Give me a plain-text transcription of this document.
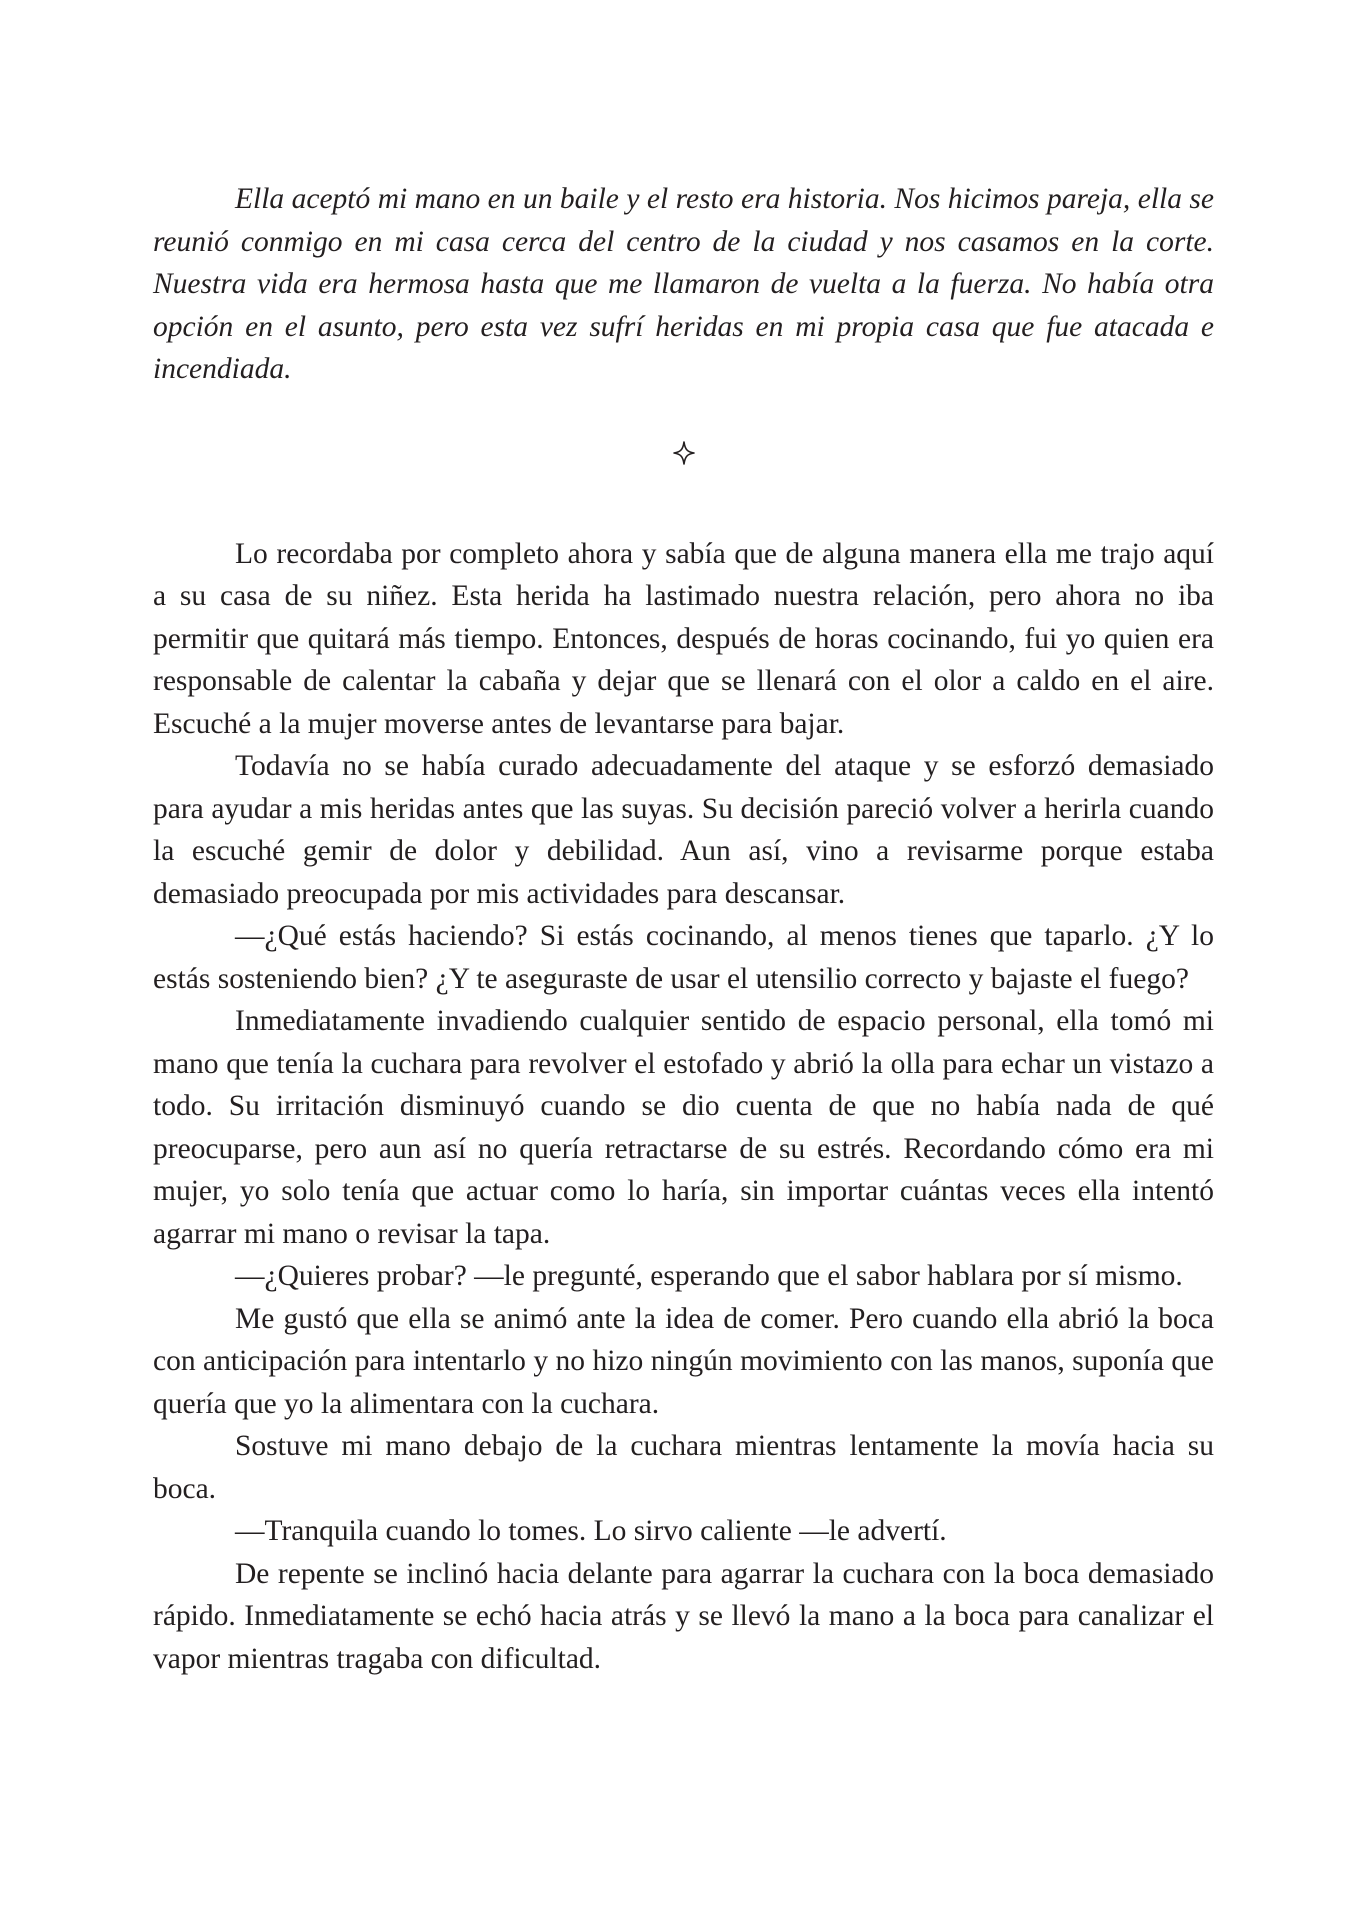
Ella aceptó mi mano en un baile y el resto era historia. Nos hicimos pareja, ella se reunió conmigo en mi casa cerca del centro de la ciudad y nos casamos en la corte. Nuestra vida era hermosa hasta que me llamaron de vuelta a la fuerza. No había otra opción en el asunto, pero esta vez sufrí heridas en mi propia casa que fue atacada e incendiada.

Lo recordaba por completo ahora y sabía que de alguna manera ella me trajo aquí a su casa de su niñez. Esta herida ha lastimado nuestra relación, pero ahora no iba permitir que quitará más tiempo. Entonces, después de horas cocinando, fui yo quien era responsable de calentar la cabaña y dejar que se llenará con el olor a caldo en el aire. Escuché a la mujer moverse antes de levantarse para bajar.

Todavía no se había curado adecuadamente del ataque y se esforzó demasiado para ayudar a mis heridas antes que las suyas. Su decisión pareció volver a herirla cuando la escuché gemir de dolor y debilidad. Aun así, vino a revisarme porque estaba demasiado preocupada por mis actividades para descansar.

—¿Qué estás haciendo? Si estás cocinando, al menos tienes que taparlo. ¿Y lo estás sosteniendo bien? ¿Y te aseguraste de usar el utensilio correcto y bajaste el fuego?

Inmediatamente invadiendo cualquier sentido de espacio personal, ella tomó mi mano que tenía la cuchara para revolver el estofado y abrió la olla para echar un vistazo a todo. Su irritación disminuyó cuando se dio cuenta de que no había nada de qué preocuparse, pero aun así no quería retractarse de su estrés. Recordando cómo era mi mujer, yo solo tenía que actuar como lo haría, sin importar cuántas veces ella intentó agarrar mi mano o revisar la tapa.

—¿Quieres probar? —le pregunté, esperando que el sabor hablara por sí mismo.

Me gustó que ella se animó ante la idea de comer. Pero cuando ella abrió la boca con anticipación para intentarlo y no hizo ningún movimiento con las manos, suponía que quería que yo la alimentara con la cuchara.

Sostuve mi mano debajo de la cuchara mientras lentamente la movía hacia su boca.

—Tranquila cuando lo tomes. Lo sirvo caliente —le advertí.

De repente se inclinó hacia delante para agarrar la cuchara con la boca demasiado rápido. Inmediatamente se echó hacia atrás y se llevó la mano a la boca para canalizar el vapor mientras tragaba con dificultad.
